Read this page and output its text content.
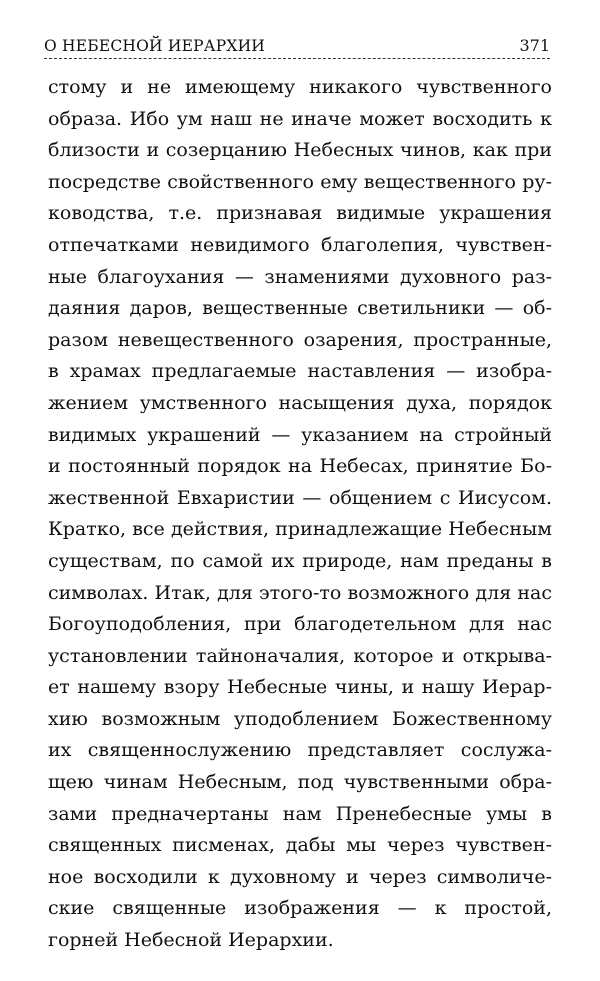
О НЕБЕСНОЙ ИЕРАРХИИ	371
стому и не имеющему никакого чувственного
образа. Ибо ум наш не иначе может восходить к
близости и созерцанию Небесных чинов, как при
посредстве свойственного ему вещественного ру-
ководства, т.е. признавая видимые украшения
отпечатками невидимого благолепия, чувствен-
ные благоухания — знамениями духовного раз-
даяния даров, вещественные светильники — об-
разом невещественного озарения, пространные,
в храмах предлагаемые наставления — изобра-
жением умственного насыщения духа, порядок
видимых украшений — указанием на стройный
и постоянный порядок на Небесах, принятие Бо-
жественной Евхаристии — общением с Иисусом.
Кратко, все действия, принадлежащие Небесным
существам, по самой их природе, нам преданы в
символах. Итак, для этого-то возможного для нас
Богоуподобления, при благодетельном для нас
установлении тайноначалия, которое и открыва-
ет нашему взору Небесные чины, и нашу Иерар-
хию возможным уподоблением Божественному
их священнослужению представляет сослужа-
щею чинам Небесным, под чувственными обра-
зами предначертаны нам Пренебесные умы в
священных писменах, дабы мы через чувствен-
ное восходили к духовному и через символиче-
ские священные изображения — к простой,
горней Небесной Иерархии.
